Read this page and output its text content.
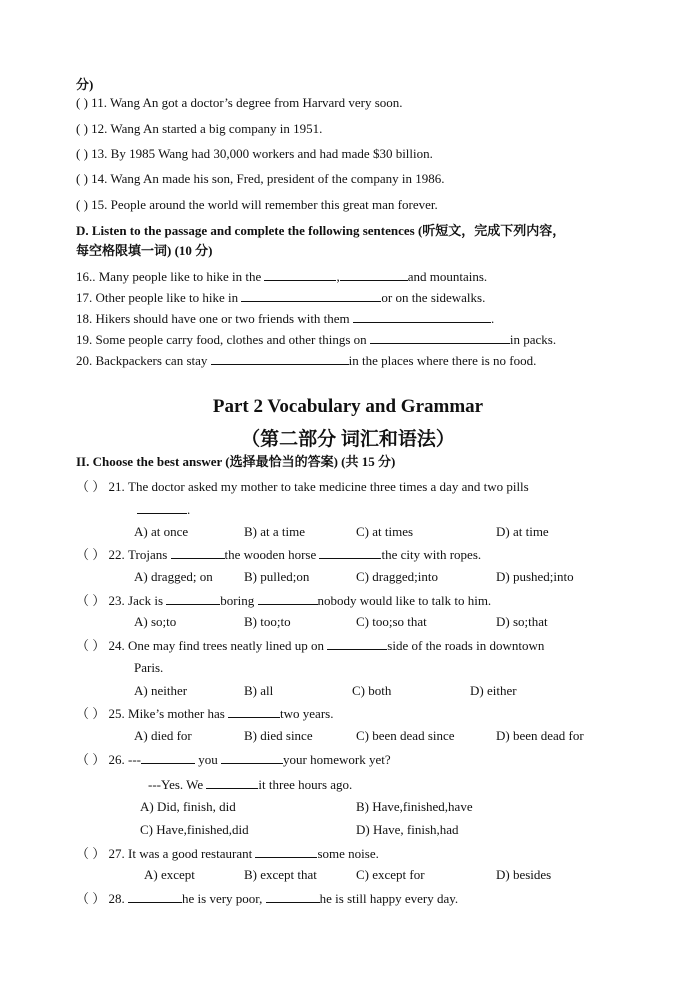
分)
( ) 11. Wang An got a doctor’s degree from Harvard very soon.
( ) 12. Wang An started a big company in 1951.
( ) 13. By 1985 Wang had 30,000 workers and had made $30 billion.
( ) 14. Wang An made his son, Fred, president of the company in 1986.
( ) 15. People around the world will remember this great man forever.
D. Listen to the passage and complete the following sentences (听短文，完成下列内容，
每空格限填一词) (10 分)
16.. Many people like to hike in the	,	and mountains.
17. Other people like to hike in	or on the sidewalks.
18. Hikers should have one or two friends with them	.
19. Some people carry food, clothes and other things on	in packs.
20. Backpackers can stay	in the places where there is no food.
Part 2 Vocabulary and Grammar
（第二部分 词汇和语法）
II. Choose the best answer (选择最恰当的答案) (共 15 分)
（ ） 21. The doctor asked my mother to take medicine three times a day and two pills
.
A) at once	B) at a time	C) at times	D) at time
（ ） 22. Trojans	the wooden horse	the city with ropes.
A) dragged; on B) pulled;on	C) dragged;into	D) pushed;into
（ ） 23. Jack is	boring	nobody would like to talk to him.
A) so;to	B) too;to	C) too;so that	D) so;that
（ ） 24. One may find trees neatly lined up on	side of the roads in downtown
Paris.
A) neither	B) all	C) both	D) either
（ ） 25. Mike’s mother has	two years.
A) died for	B) died since	C) been dead since	D) been dead for
（ ） 26. ---	you	your homework yet?
---Yes. We	it three hours ago.
A) Did, finish, did	B) Have,finished,have
C) Have,finished,did	D) Have, finish,had
（ ） 27. It was a good restaurant	some noise.
A) except	B) except that	C) except for	D) besides
（ ） 28.	he is very poor,	he is still happy every day.
